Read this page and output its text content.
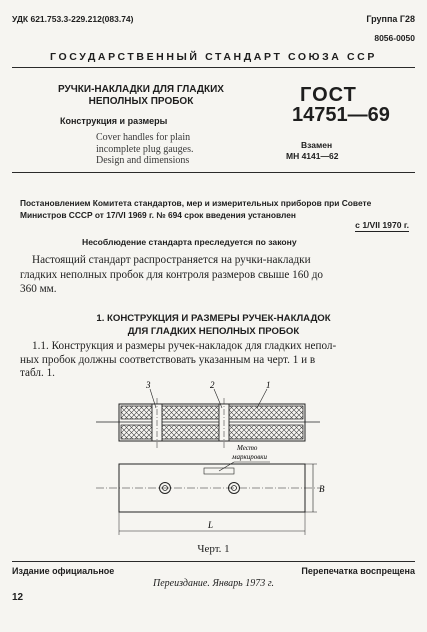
УДК 621.753.3-229.212(083.74)	Группа Г28
8056-0050
ГОСУДАРСТВЕННЫЙ СТАНДАРТ СОЮЗА ССР
РУЧКИ-НАКЛАДКИ ДЛЯ ГЛАДКИХ
НЕПОЛНЫХ ПРОБОК
Конструкция и размеры
Cover handles for plain
incomplete plug gauges.
Design and dimensions
ГОСТ
14751—69
Взамен
МН 4141—62
Постановлением Комитета стандартов, мер и измерительных приборов при Совете
Министров СССР от 17/VI 1969 г. № 694 срок введения установлен
с 1/VII 1970 г.
Несоблюдение стандарта преследуется по закону
Настоящий стандарт распространяется на ручки-накладки
гладких неполных пробок для контроля размеров свыше 160 до
360 мм.
1. КОНСТРУКЦИЯ И РАЗМЕРЫ РУЧЕК-НАКЛАДОК
ДЛЯ ГЛАДКИХ НЕПОЛНЫХ ПРОБОК
1.1. Конструкция и размеры ручек-накладок для гладких непол-
ных пробок должны соответствовать указанным на черт. 1 и в
табл. 1.
3	2	1
Место
маркировки
B
L
Черт. 1
Издание официальное	Перепечатка воспрещена
Переиздание. Январь 1973 г.
12
